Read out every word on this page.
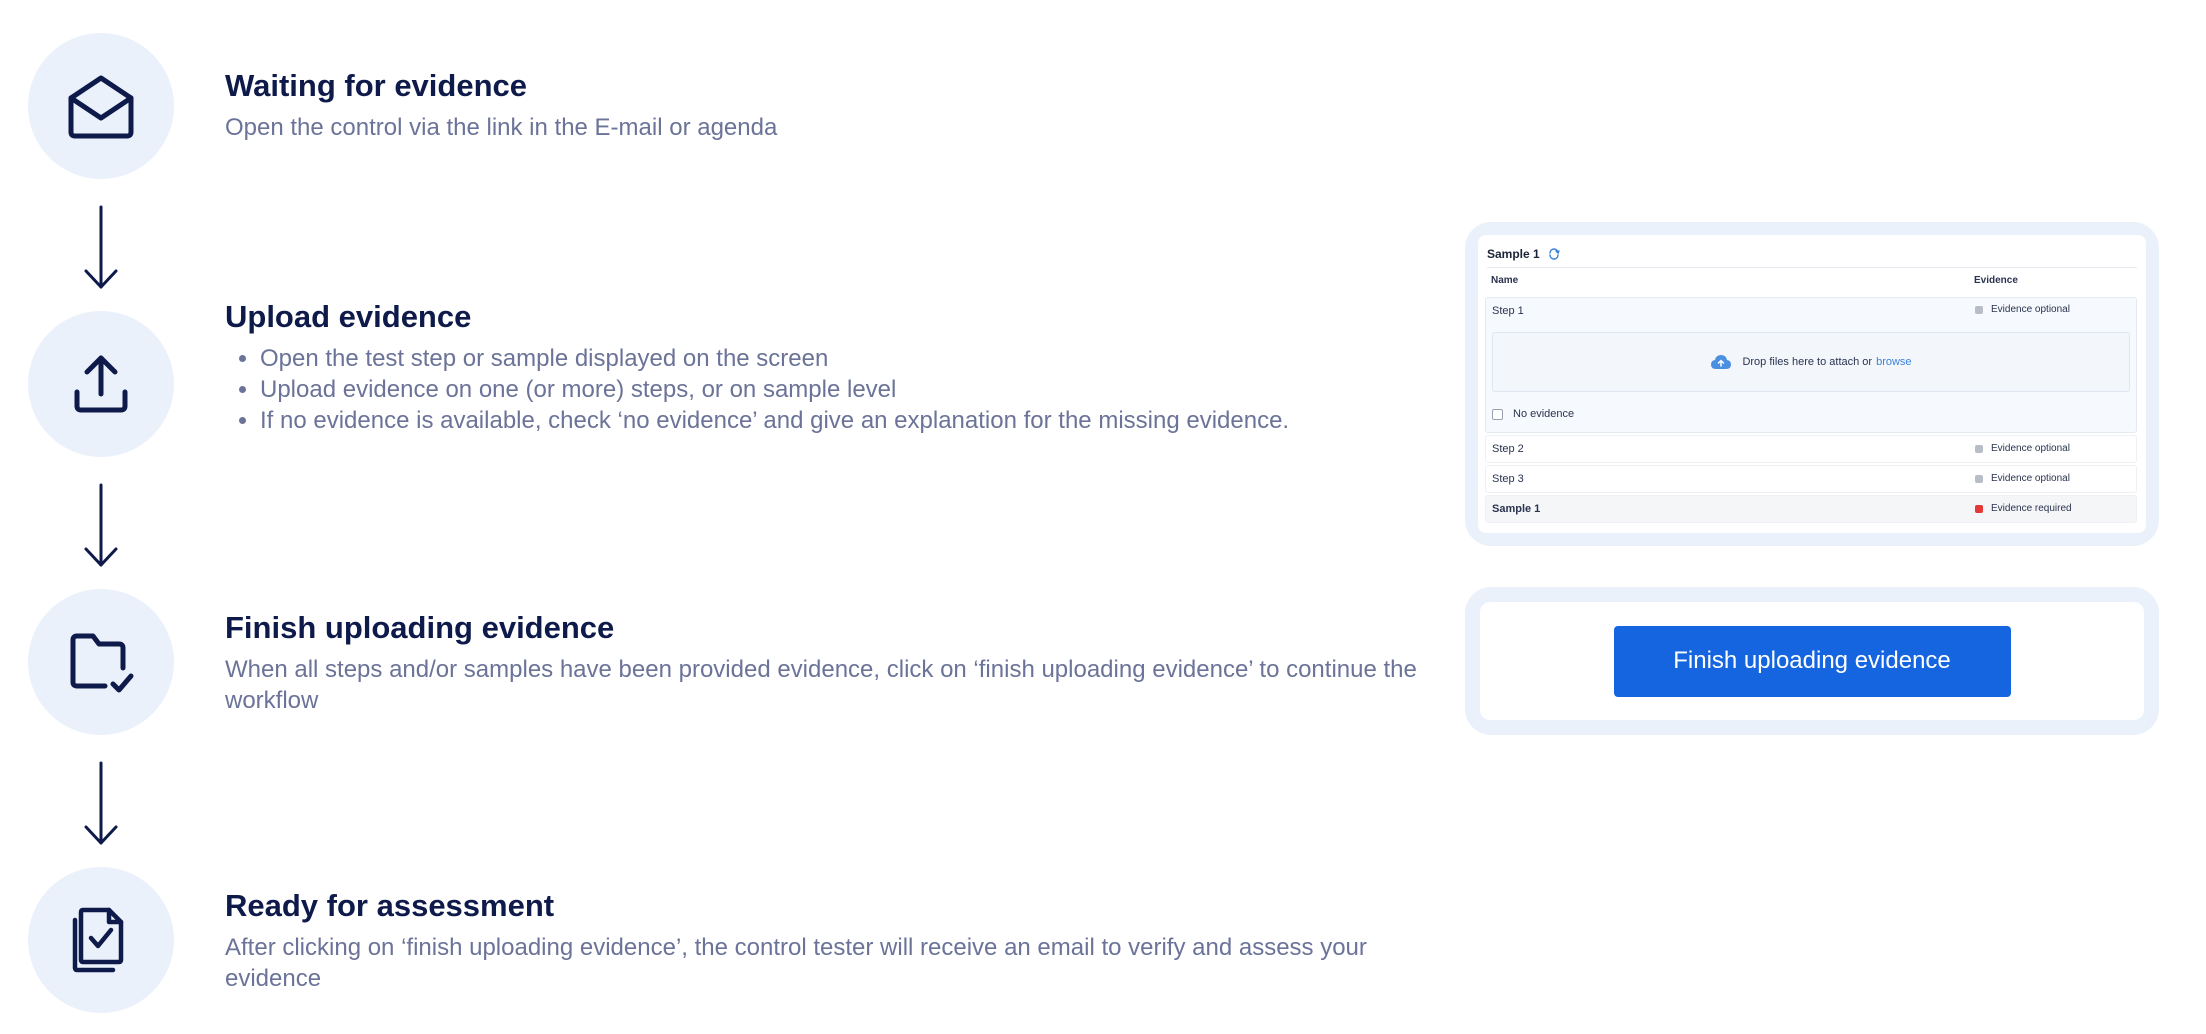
Waiting for evidence

Open the control via the link in the E-mail or agenda

Upload evidence
• Open the test step or sample displayed on the screen
• Upload evidence on one (or more) steps, or on sample level
• If no evidence is available, check ‘no evidence’ and give an explanation for the missing evidence.
Finish uploading evidence

When all steps and/or samples have been provided evidence, click on ‘finish uploading evidence’ to continue the workflow

Ready for assessment

After clicking on ‘finish uploading evidence’, the control tester will receive an email to verify and assess your evidence

Sample 1
Name	Evidence
Step 1	Evidence optional
Drop files here to attach or browse
No evidence
Step 2	Evidence optional
Step 3	Evidence optional
Sample 1	Evidence required
Finish uploading evidence
